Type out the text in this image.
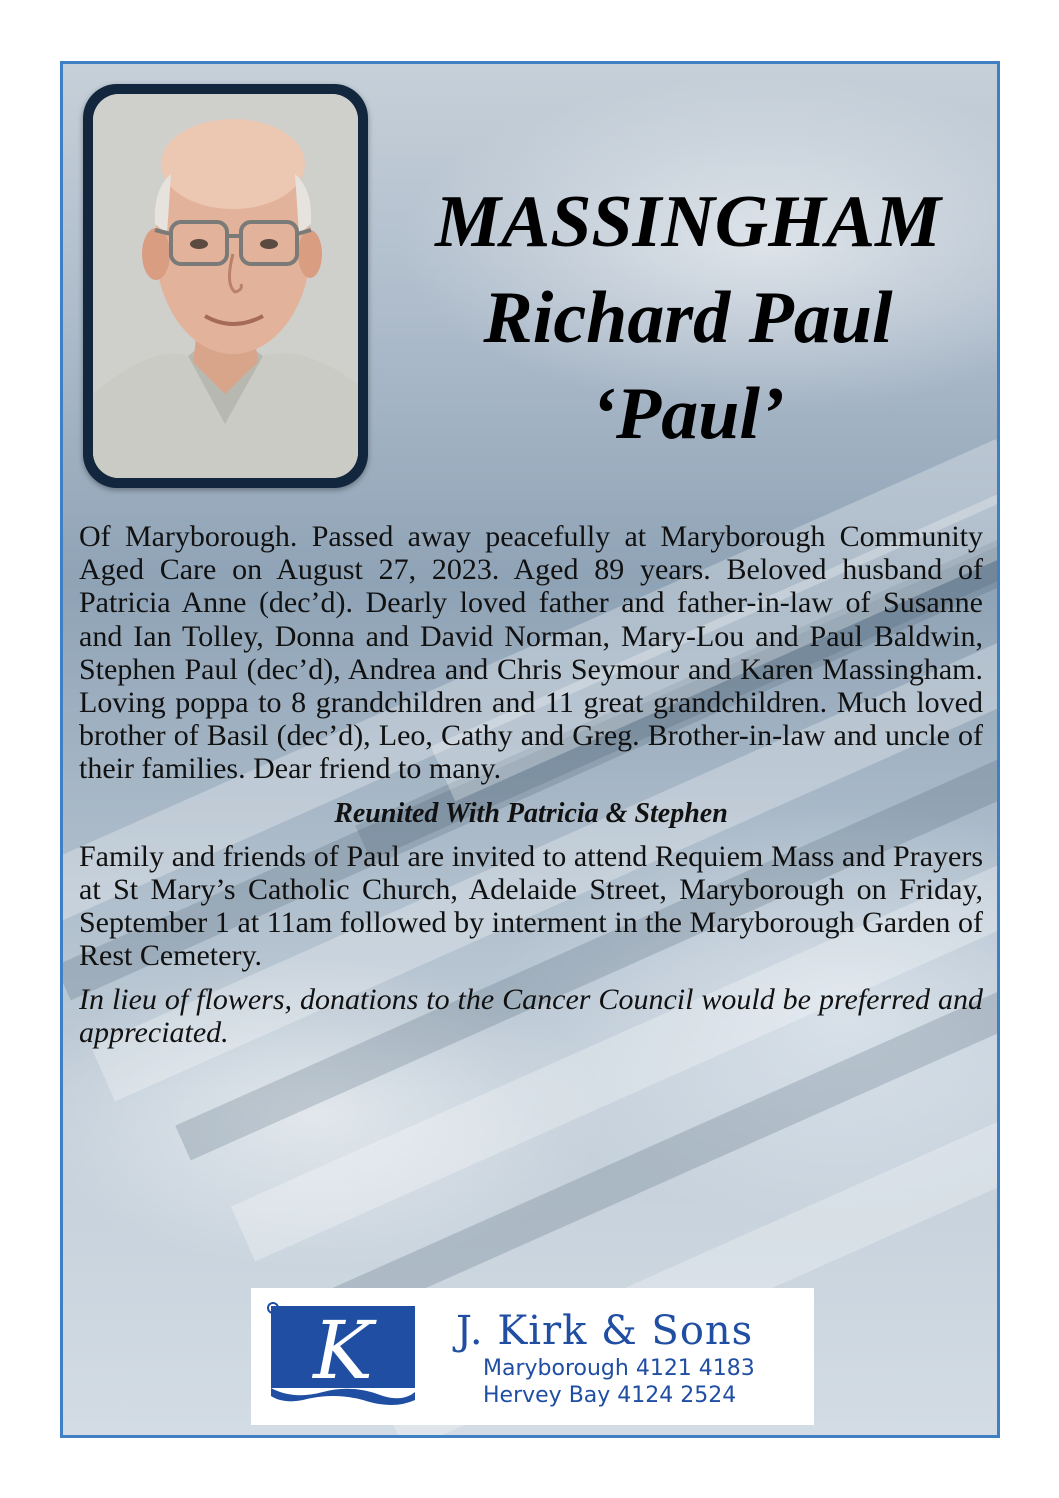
MASSINGHAM
Richard Paul
‘Paul’

Of Maryborough. Passed away peacefully at Maryborough Community Aged Care on August 27, 2023. Aged 89 years. Beloved husband of Patricia Anne (dec’d). Dearly loved father and father-in-law of Susanne and Ian Tolley, Donna and David Norman, Mary-Lou and Paul Baldwin, Stephen Paul (dec’d), Andrea and Chris Seymour and Karen Massingham. Loving poppa to 8 grandchildren and 11 great grandchildren. Much loved brother of Basil (dec’d), Leo, Cathy and Greg. Brother-in-law and uncle of their families. Dear friend to many.

Reunited With Patricia & Stephen

Family and friends of Paul are invited to attend Requiem Mass and Prayers at St Mary’s Catholic Church, Adelaide Street, Maryborough on Friday, September 1 at 11am followed by interment in the Maryborough Garden of Rest Cemetery.

In lieu of flowers, donations to the Cancer Council would be preferred and appreciated.

K J. Kirk & Sons
Maryborough 4121 4183
Hervey Bay 4124 2524
